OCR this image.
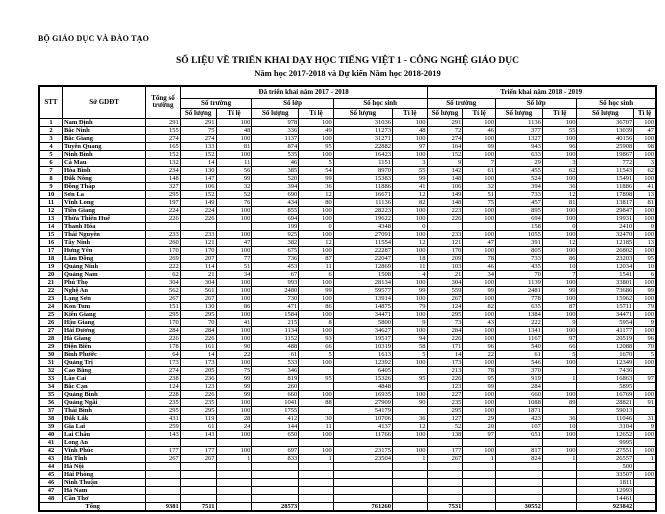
BỘ GIÁO DỤC VÀ ĐÀO TẠO
SỐ LIỆU VỀ TRIỂN KHAI DẠY HỌC TIẾNG VIỆT 1 - CÔNG NGHỆ GIÁO DỤC
Năm học 2017-2018 và Dự kiến Năm học 2018-2019
STT	Sở GDĐT	Tổng số trường	Đã triển khai năm 2017 - 2018						Triển khai năm 2018 - 2019					
			Số trường		Số lớp		Số học sinh		Số trường		Số lớp		Số học sinh	
			Số lượng	Tỉ lệ	Số lượng	Tỉ lệ	Số lượng	Tỉ lệ	Số lượng	Tỉ lệ	Số lượng	Tỉ lệ	Số lượng	Tỉ lệ
1	Nam Định	291	291	100	978	100	31036	100	291	100	1136	100	36707	100
2	Bắc Ninh	155	75	48	336	49	11273	48	72	46	377	55	13039	47
3	Bắc Giang	274	274	100	1137	100	31271	100	274	100	1327	100	40156	100
4	Tuyên Quang	165	133	81	874	95	22882	97	164	99	943	96	25908	98
5	Ninh Bình	152	152	100	535	100	16423	100	152	100	633	100	19867	100
6	Cà Mau	132	14	11	46	5	1151	3	9	7	29	3	772	3
7	Hòa Bình	234	130	56	385	54	8970	55	142	61	455	62	11543	62
8	Đắk Nông	148	147	99	520	99	15383	99	148	100	524	100	15491	100
9	Đồng Tháp	327	106	32	394	36	11886	41	106	32	394	36	11886	41
10	Sơn La	295	152	52	690	12	16671	12	149	51	733	12	17898	13
11	Vĩnh Long	197	149	76	434	80	11136	82	148	75	457	81	13817	81
12	Tiền Giang	224	224	100	855	100	28223	100	223	100	895	100	29847	100
13	Thừa Thiên Huế	226	226	100	694	100	19622	100	226	100	694	100	19931	100
14	Thanh Hóa				199	0	4348	0			158	0	2410	0
15	Thái Nguyên	233	233	100	925	100	27091	100	233	100	1055	100	32470	100
16	Tây Ninh	260	121	47	382	12	11554	12	121	47	391	12	12185	13
17	Hưng Yên	170	170	100	675	100	22287	100	170	100	805	100	26802	100
18	Lâm Đồng	269	207	77	736	87	22047	18	209	78	733	86	23203	95
19	Quảng Ninh	222	114	51	453	11	12869	11	103	46	435	10	12034	10
20	Quảng Nam	62	21	34	67	6	1508	4	21	34	70	7	1541	6
21	Phú Thọ	304	304	100	993	100	28134	100	304	100	1139	100	33801	100
22	Nghệ An	562	561	100	2480	99	59577	99	559	99	2481	99	73686	99
23	Lạng Sơn	267	267	100	730	100	13914	100	267	100	778	100	15962	100
24	Kon Tum	151	130	86	471	86	14875	79	124	82	635	87	15711	79
25	Kiên Giang	295	295	100	1584	100	34471	100	295	100	1384	100	34471	100
26	Hậu Giang	170	70	41	215	8	5800	9	73	43	222	9	5954	9
27	Hải Dương	284	284	100	1134	100	34627	100	284	100	1341	100	41177	100
28	Hà Giang	226	226	100	1152	93	19517	94	226	100	1167	97	20519	96
29	Điện Biên	178	161	90	488	66	10319	58	171	96	540	66	12088	70
30	Bình Phước	64	14	22	61	5	1613	5	14	22	61	5	1670	5
31	Quảng Trị	173	173	100	533	100	12392	100	173	100	546	100	12349	100
32	Cao Bằng	274	205	75	346		6405		213	78	370		7436	
33	Lào Cai	238	236	99	819	95	15326	95	226	95	919	1	16863	97
34	Bắc Cạn	124	123	99	260		4848		123	99	284		5895	
35	Quảng Bình	228	226	99	660	100	16935	100	227	100	660	100	16769	100
36	Quảng Ngãi	235	235	100	1041	88	27909	90	235	100	1088	89	28821	91
37	Thái Bình	295	295	100	1755		54179		295	100	1871		59013	
38	Đắk Lắk	431	119	28	412	30	10706	36	127	29	423	36	11046	31
39	Gia Lai	259	61	24	144	11	4137	12	52	20	107	10	3104	9
40	Lai Châu	143	143	100	650	100	11766	100	138	97	651	100	12652	100
41	Long An												9995	
42	Vĩnh Phúc	177	177	100	697	100	23175	100	177	100	817	100	27551	100
43	Hà Tĩnh	267	267	1	833	1	23504	1	267	1	824	1	26557	1
44	Hà Nội												500	
45	Hải Phòng												33507	100
46	Ninh Thuận												1811	
47	Hà Nam												12993	
48	Cần Thơ												14461	
Tổng		9381	7511		28573		761260		7531		30552		923842	
